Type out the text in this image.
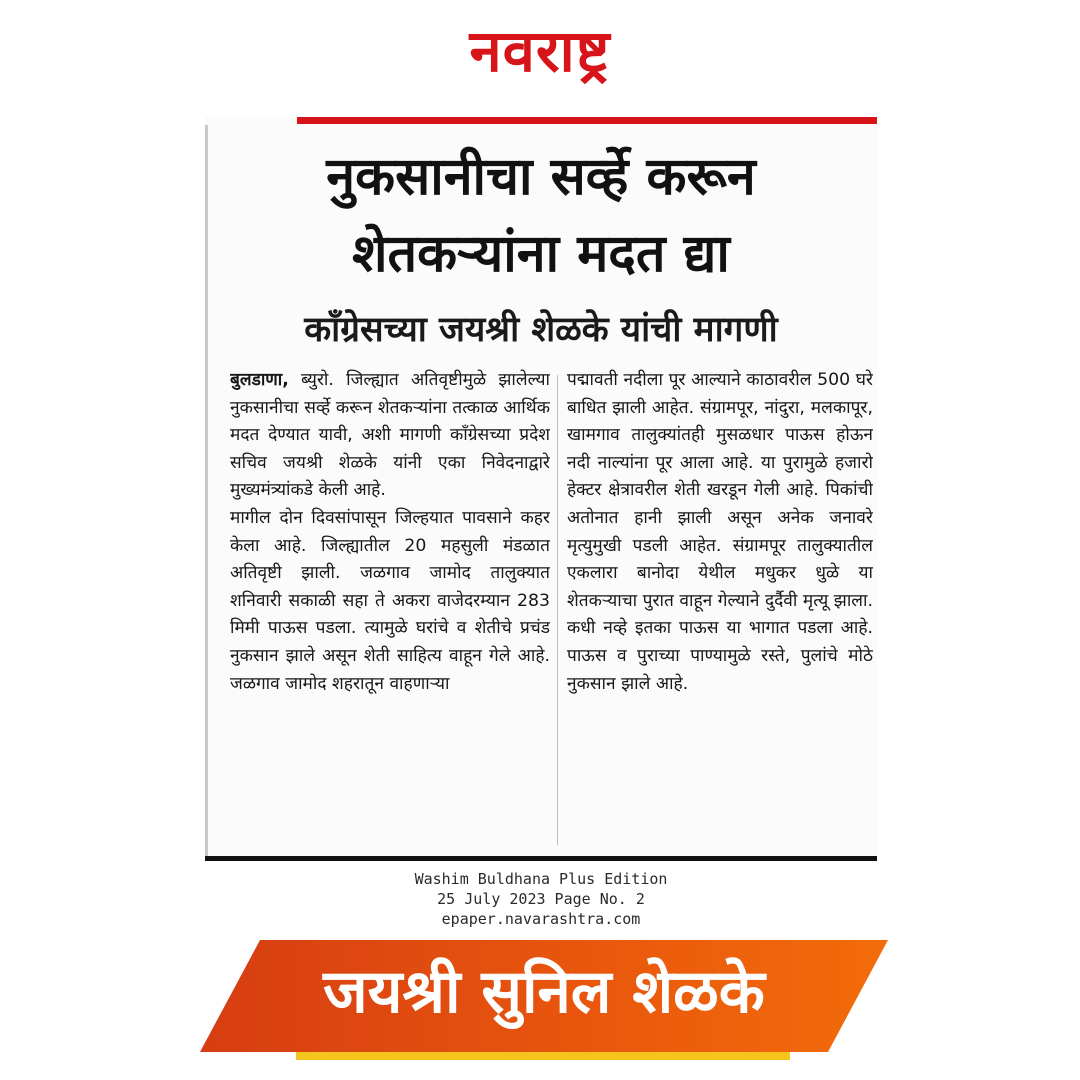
नवराष्ट्र
नुकसानीचा सर्व्हे करून
शेतकऱ्यांना मदत द्या
काँग्रेसच्या जयश्री शेळके यांची मागणी

बुलडाणा, ब्युरो. जिल्ह्यात अतिवृष्टीमुळे झालेल्या नुकसानीचा सर्व्हे करून शेतकऱ्यांना तत्काळ आर्थिक मदत देण्यात यावी, अशी मागणी काँग्रेसच्या प्रदेश सचिव जयश्री शेळके यांनी एका निवेदनाद्वारे मुख्यमंत्र्यांकडे केली आहे.

मागील दोन दिवसांपासून जिल्हयात पावसाने कहर केला आहे. जिल्ह्यातील 20 महसुली मंडळात अतिवृष्टी झाली. जळगाव जामोद तालुक्यात शनिवारी सकाळी सहा ते अकरा वाजेदरम्यान 283 मिमी पाऊस पडला. त्यामुळे घरांचे व शेतीचे प्रचंड नुकसान झाले असून शेती साहित्य वाहून गेले आहे. जळगाव जामोद शहरातून वाहणाऱ्या

पद्मावती नदीला पूर आल्याने काठावरील 500 घरे बाधित झाली आहेत. संग्रामपूर, नांदुरा, मलकापूर, खामगाव तालुक्यांतही मुसळधार पाऊस होऊन नदी नाल्यांना पूर आला आहे. या पुरामुळे हजारो हेक्टर क्षेत्रावरील शेती खरडून गेली आहे. पिकांची अतोनात हानी झाली असून अनेक जनावरे मृत्युमुखी पडली आहेत. संग्रामपूर तालुक्यातील एकलारा बानोदा येथील मधुकर धुळे या शेतकऱ्याचा पुरात वाहून गेल्याने दुर्दैवी मृत्यू झाला. कधी नव्हे इतका पाऊस या भागात पडला आहे. पाऊस व पुराच्या पाण्यामुळे रस्ते, पुलांचे मोठे नुकसान झाले आहे.

Washim Buldhana Plus Edition
25 July 2023 Page No. 2
epaper.navarashtra.com
जयश्री सुनिल शेळके
